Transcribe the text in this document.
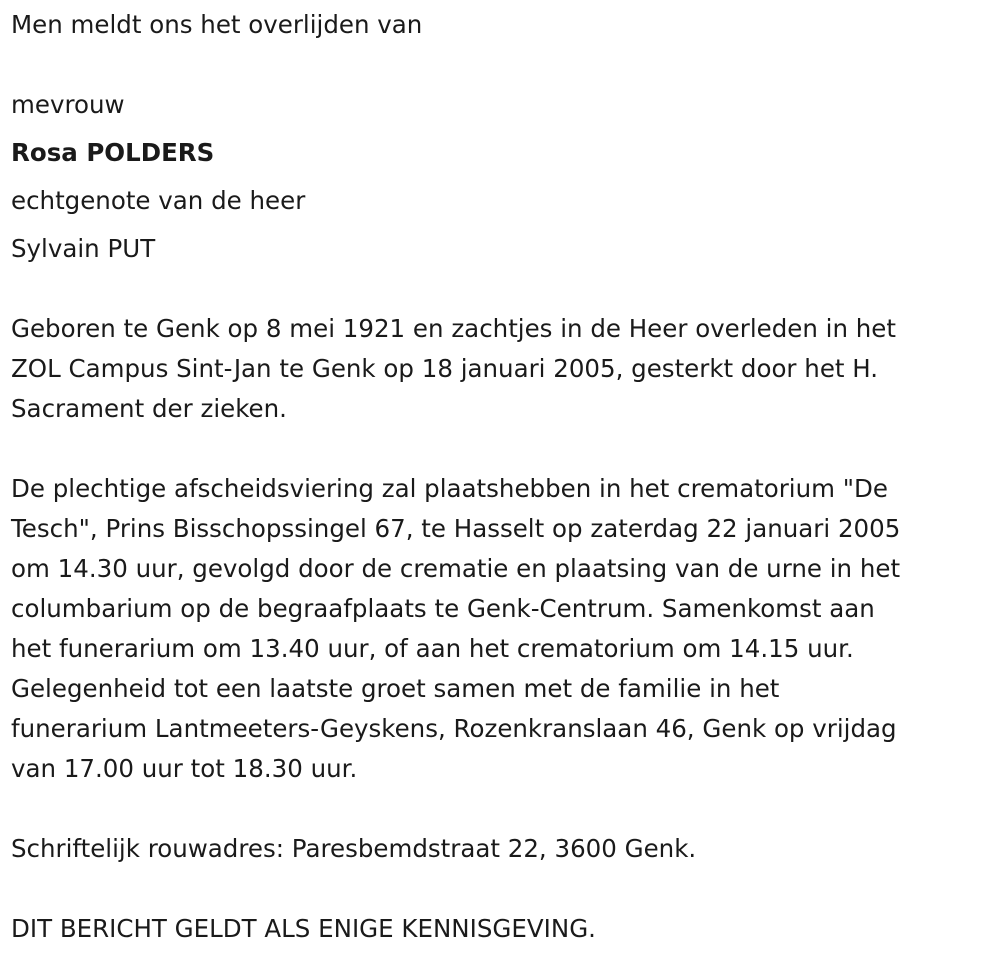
Men meldt ons het overlijden van
mevrouw
Rosa POLDERS
echtgenote van de heer
Sylvain PUT
Geboren te Genk op 8 mei 1921 en zachtjes in de Heer overleden in het
ZOL Campus Sint-Jan te Genk op 18 januari 2005, gesterkt door het H.
Sacrament der zieken.
De plechtige afscheidsviering zal plaatshebben in het crematorium "De
Tesch", Prins Bisschopssingel 67, te Hasselt op zaterdag 22 januari 2005
om 14.30 uur, gevolgd door de crematie en plaatsing van de urne in het
columbarium op de begraafplaats te Genk-Centrum. Samenkomst aan
het funerarium om 13.40 uur, of aan het crematorium om 14.15 uur.
Gelegenheid tot een laatste groet samen met de familie in het
funerarium Lantmeeters-Geyskens, Rozenkranslaan 46, Genk op vrijdag
van 17.00 uur tot 18.30 uur.
Schriftelijk rouwadres: Paresbemdstraat 22, 3600 Genk.
DIT BERICHT GELDT ALS ENIGE KENNISGEVING.
